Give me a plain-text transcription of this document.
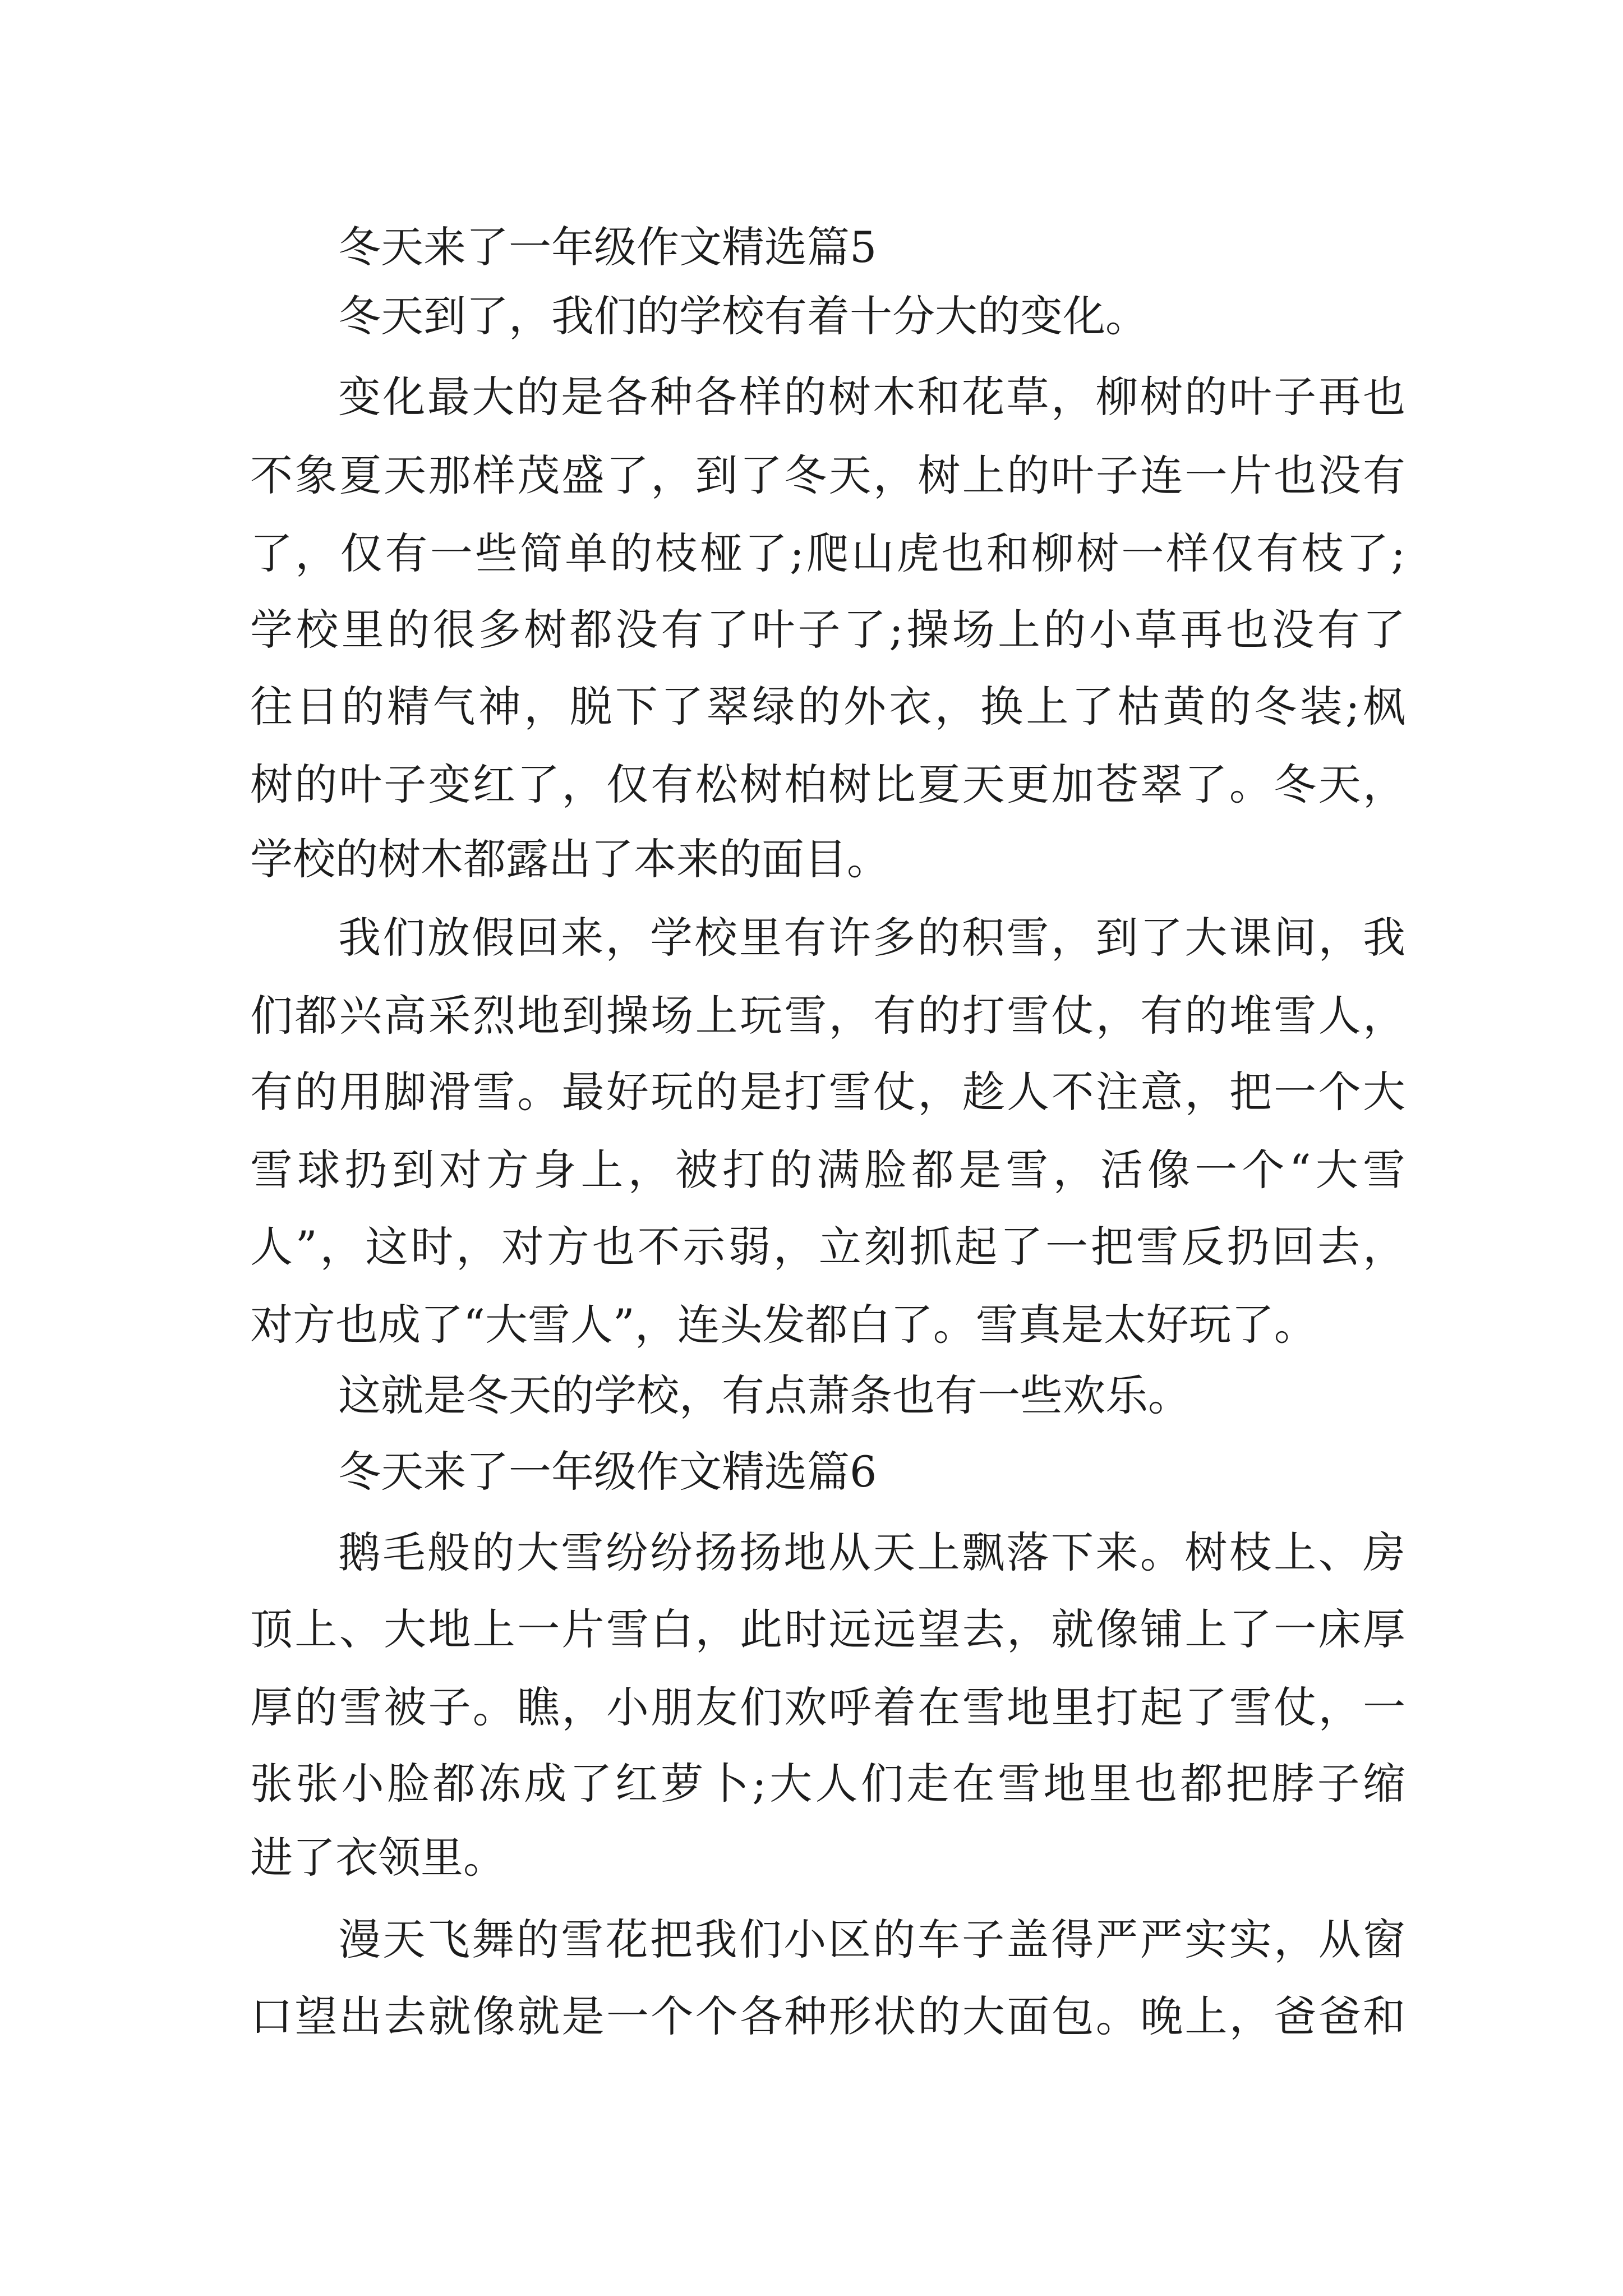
冬天来了一年级作文精选篇5
冬天到了，我们的学校有着十分大的变化。
变化最大的是各种各样的树木和花草，柳树的叶子再也
不象夏天那样茂盛了，到了冬天，树上的叶子连一片也没有
了，仅有一些简单的枝桠了;爬山虎也和柳树一样仅有枝了;
学校里的很多树都没有了叶子了;操场上的小草再也没有了
往日的精气神，脱下了翠绿的外衣，换上了枯黄的冬装;枫
树的叶子变红了，仅有松树柏树比夏天更加苍翠了。冬天，
学校的树木都露出了本来的面目。
我们放假回来，学校里有许多的积雪，到了大课间，我
们都兴高采烈地到操场上玩雪，有的打雪仗，有的堆雪人，
有的用脚滑雪。最好玩的是打雪仗，趁人不注意，把一个大
雪球扔到对方身上，被打的满脸都是雪，活像一个“大雪
人”，这时，对方也不示弱，立刻抓起了一把雪反扔回去，
对方也成了“大雪人”，连头发都白了。雪真是太好玩了。
这就是冬天的学校，有点萧条也有一些欢乐。
冬天来了一年级作文精选篇6
鹅毛般的大雪纷纷扬扬地从天上飘落下来。树枝上、房
顶上、大地上一片雪白，此时远远望去，就像铺上了一床厚
厚的雪被子。瞧，小朋友们欢呼着在雪地里打起了雪仗，一
张张小脸都冻成了红萝卜;大人们走在雪地里也都把脖子缩
进了衣领里。
漫天飞舞的雪花把我们小区的车子盖得严严实实，从窗
口望出去就像就是一个个各种形状的大面包。晚上，爸爸和
